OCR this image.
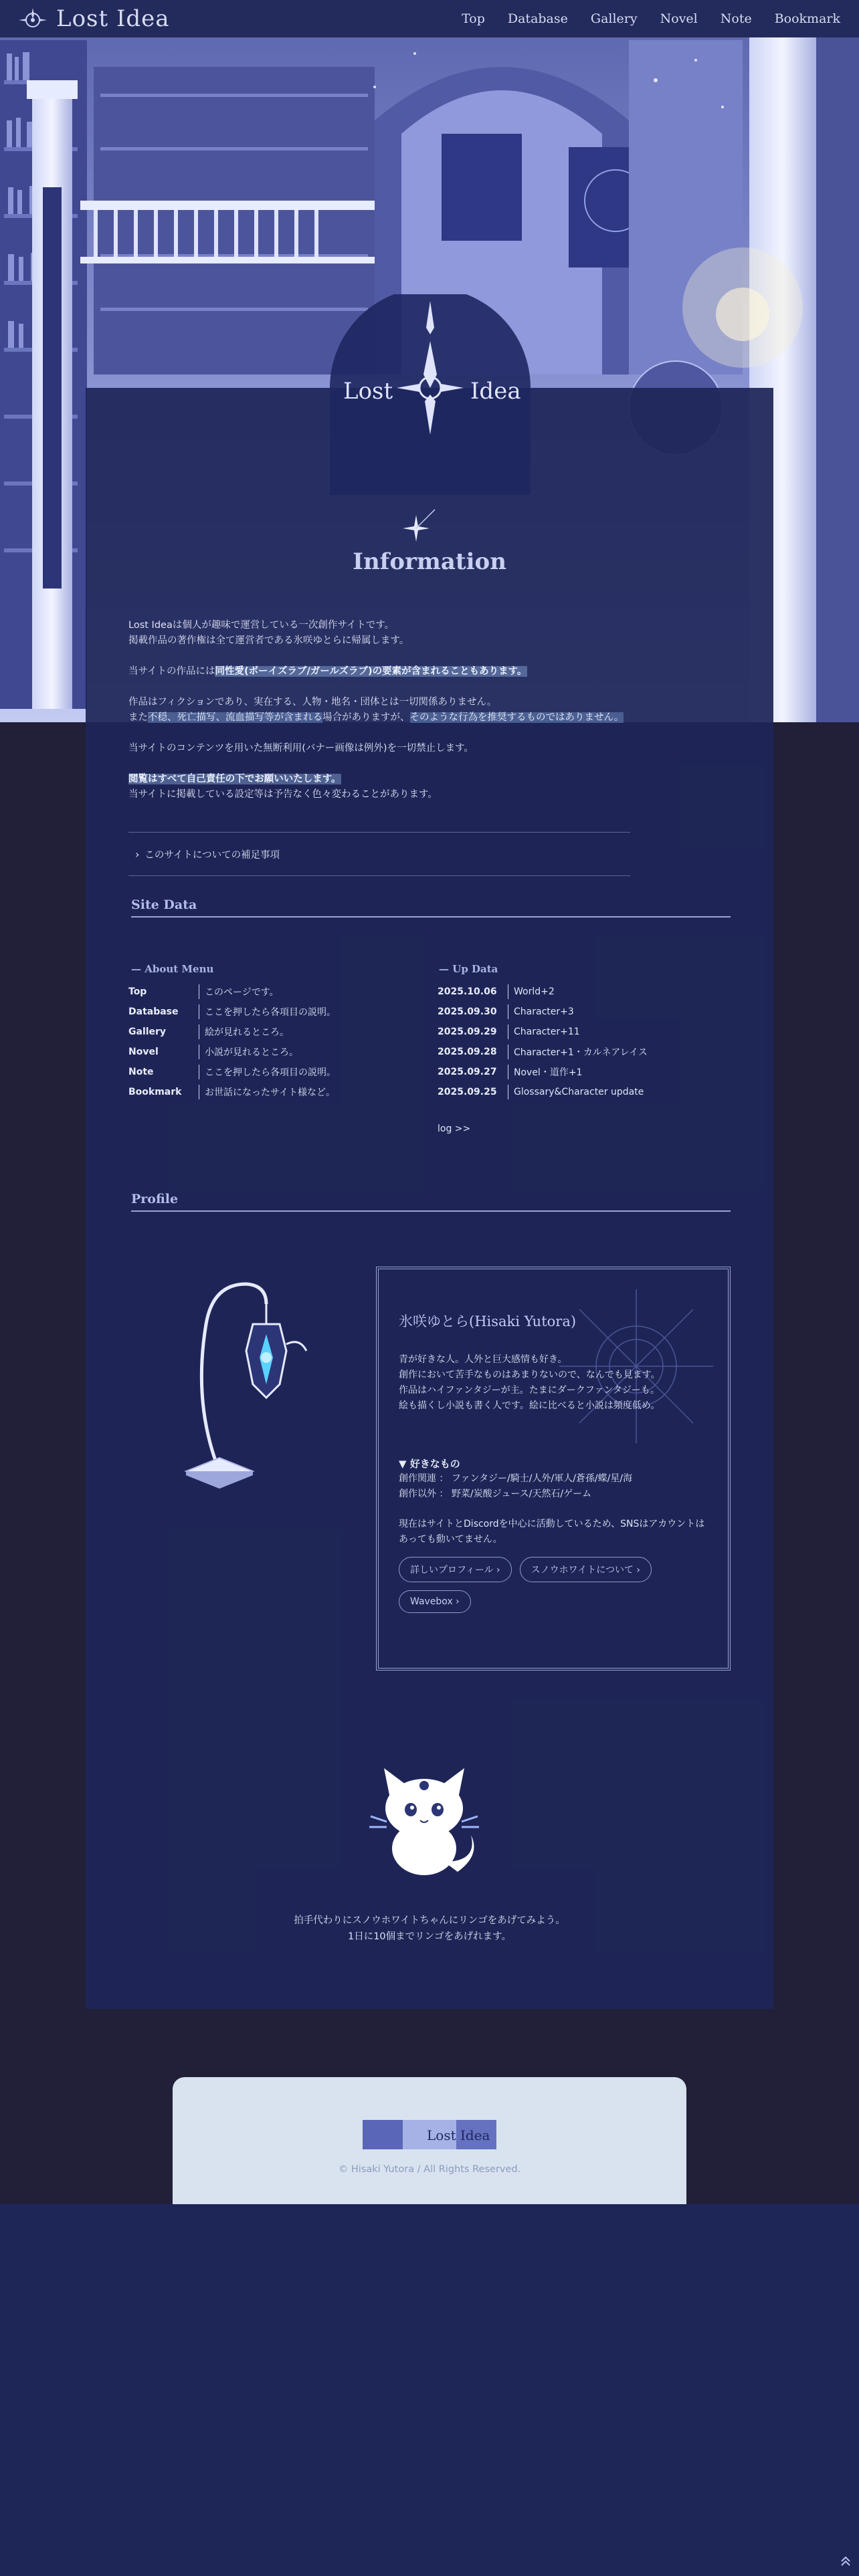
Lost Idea	Top Database Gallery Novel Note Bookmark
Information

Lost Ideaは個人が趣味で運営している一次創作サイトです。
掲載作品の著作権は全て運営者である氷咲ゆとらに帰属します。

当サイトの作品には同性愛(ボーイズラブ/ガールズラブ)の要素が含まれることもあります。

作品はフィクションであり、実在する、人物・地名・団体とは一切関係ありません。
また不穏、死亡描写、流血描写等が含まれる場合がありますが、そのような行為を推奨するものではありません。

当サイトのコンテンツを用いた無断利用(バナー画像は例外)を一切禁止します。

閲覧はすべて自己責任の下でお願いいたします。
当サイトに掲載している設定等は予告なく色々変わることがあります。

› このサイトについての補足事項
Site Data
— About Menu
Top	このページです。
Database	ここを押したら各項目の説明。
Gallery	絵が見れるところ。
Novel	小説が見れるところ。
Note	ここを押したら各項目の説明。
Bookmark	お世話になったサイト様など。
— Up Data
2025.10.06	World+2
2025.09.30	Character+3
2025.09.29	Character+11
2025.09.28	Character+1・カルネアレイス
2025.09.27	Novel・道作+1
2025.09.25	Glossary&Character update
log >>
Profile
氷咲ゆとら(Hisaki Yutora)
青が好きな人。人外と巨大感情も好き。
創作において苦手なものはあまりないので、なんでも見ます。
作品はハイファンタジーが主。たまにダークファンタジーも。
絵も描くし小説も書く人です。絵に比べると小説は頻度低め。
▼ 好きなもの
創作関連 ： ファンタジー/騎士/人外/軍人/蒼孫/蝶/星/海
創作以外 ： 野菜/炭酸ジュース/天然石/ゲーム
現在はサイトとDiscordを中心に活動しているため、SNSはアカウントは
あっても動いてません。
詳しいプロフィール ›	スノウホワイトについて ›
Wavebox ›
拍手代わりにスノウホワイトちゃんにリンゴをあげてみよう。
1日に10個までリンゴをあげれます。
Lost	Idea
Lost Idea
© Hisaki Yutora / All Rights Reserved.
